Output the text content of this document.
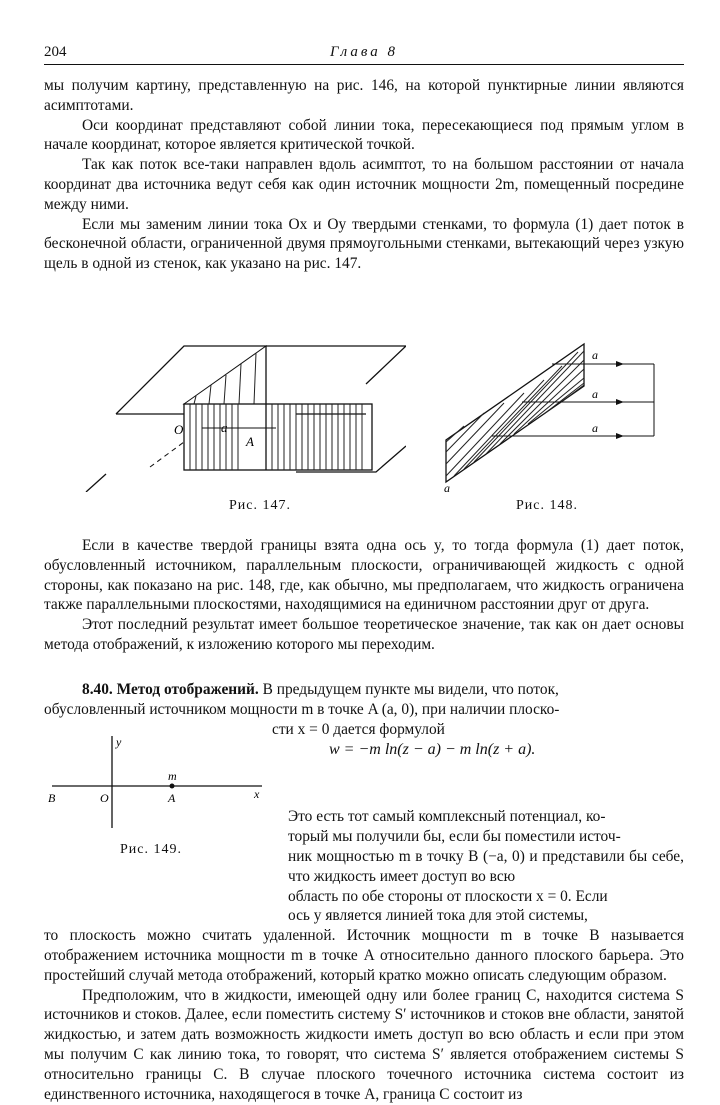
204	Глава 8

мы получим картину, представленную на рис. 146, на которой пунктирные линии являются асимптотами.

Оси координат представляют собой линии тока, пересекающиеся под прямым углом в начале координат, которое является критической точкой.

Так как поток все-таки направлен вдоль асимптот, то на большом расстоянии от начала координат два источника ведут себя как один источник мощности 2m, помещенный посредине между ними.

Если мы заменим линии тока Ox и Oy твердыми стенками, то формула (1) дает поток в бесконечной области, ограниченной двумя прямоугольными стенками, вытекающий через узкую щель в одной из стенок, как указано на рис. 147.

O	a
A
Рис. 147.
a
a
a
a
Рис. 148.

Если в качестве твердой границы взята одна ось y, то тогда формула (1) дает поток, обусловленный источником, параллельным плоскости, ограничивающей жидкость с одной стороны, как показано на рис. 148, где, как обычно, мы предполагаем, что жидкость ограничена также параллельными плоскостями, находящимися на единичном расстоянии друг от друга.

Этот последний результат имеет большое теоретическое значение, так как он дает основы метода отображений, к изложению которого мы переходим.

8.40. Метод отображений. В предыдущем пункте мы видели, что поток,

обусловленный источником мощности m в точке A (a, 0), при наличии плоско-

сти x = 0 дается формулой

Это есть тот самый комплексный потенциал, ко-

торый мы получили бы, если бы поместили источ-

ник мощностью m в точку B (−a, 0) и представили бы себе, что жидкость имеет доступ во всю

область по обе стороны от плоскости x = 0. Если

ось y является линией тока для этой системы,

то плоскость можно считать удаленной. Источник мощности m в точке B называется отображением источника мощности m в точке A относительно данного плоского барьера. Это простейший случай метода отображений, который кратко можно описать следующим образом.

Предположим, что в жидкости, имеющей одну или более границ C, находится система S источников и стоков. Далее, если поместить систему S′ источников и стоков вне области, занятой жидкостью, и затем дать возможность жидкости иметь доступ во всю область и если при этом мы получим C как линию тока, то говорят, что система S′ является отображением системы S относительно границы C. В случае плоского точечного источника система состоит из единственного источника, находящегося в точке A, граница C состоит из

w = −m ln(z − a) − m ln(z + a).
y
x
O	A
B
m
Рис. 149.
